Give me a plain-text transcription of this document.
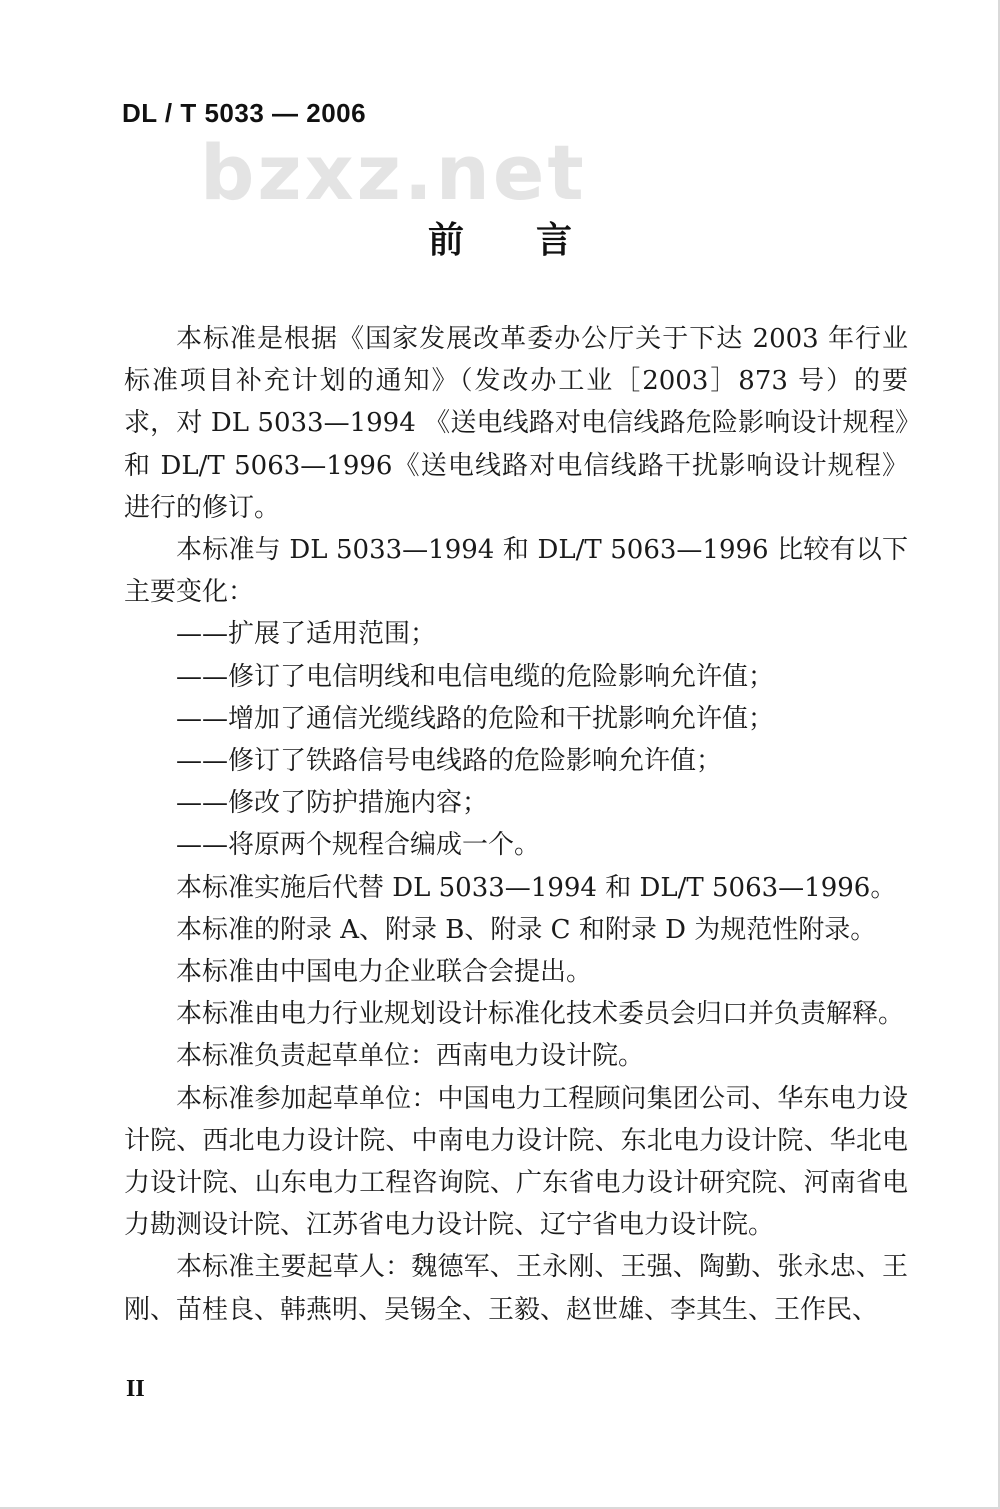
DL / T 5033 — 2006
bzxz.net
前 言

本标准是根据《国家发展改革委办公厅关于下达 2003 年行业标准项目补充计划的通知》（发改办工业［2003］873 号）的要求，对 DL 5033—1994 《送电线路对电信线路危险影响设计规程》和 DL/T 5063—1996《送电线路对电信线路干扰影响设计规程》进行的修订。

本标准与 DL 5033—1994 和 DL/T 5063—1996 比较有以下主要变化：

——扩展了适用范围；

——修订了电信明线和电信电缆的危险影响允许值；

——增加了通信光缆线路的危险和干扰影响允许值；

——修订了铁路信号电线路的危险影响允许值；

——修改了防护措施内容；

——将原两个规程合编成一个。

本标准实施后代替 DL 5033—1994 和 DL/T 5063—1996。

本标准的附录 A、附录 B、附录 C 和附录 D 为规范性附录。

本标准由中国电力企业联合会提出。

本标准由电力行业规划设计标准化技术委员会归口并负责解释。

本标准负责起草单位：西南电力设计院。

本标准参加起草单位：中国电力工程顾问集团公司、华东电力设计院、西北电力设计院、中南电力设计院、东北电力设计院、华北电力设计院、山东电力工程咨询院、广东省电力设计研究院、河南省电力勘测设计院、江苏省电力设计院、辽宁省电力设计院。

本标准主要起草人：魏德军、王永刚、王强、陶勤、张永忠、王刚、苗桂良、韩燕明、吴锡全、王毅、赵世雄、李其生、王作民、

II
